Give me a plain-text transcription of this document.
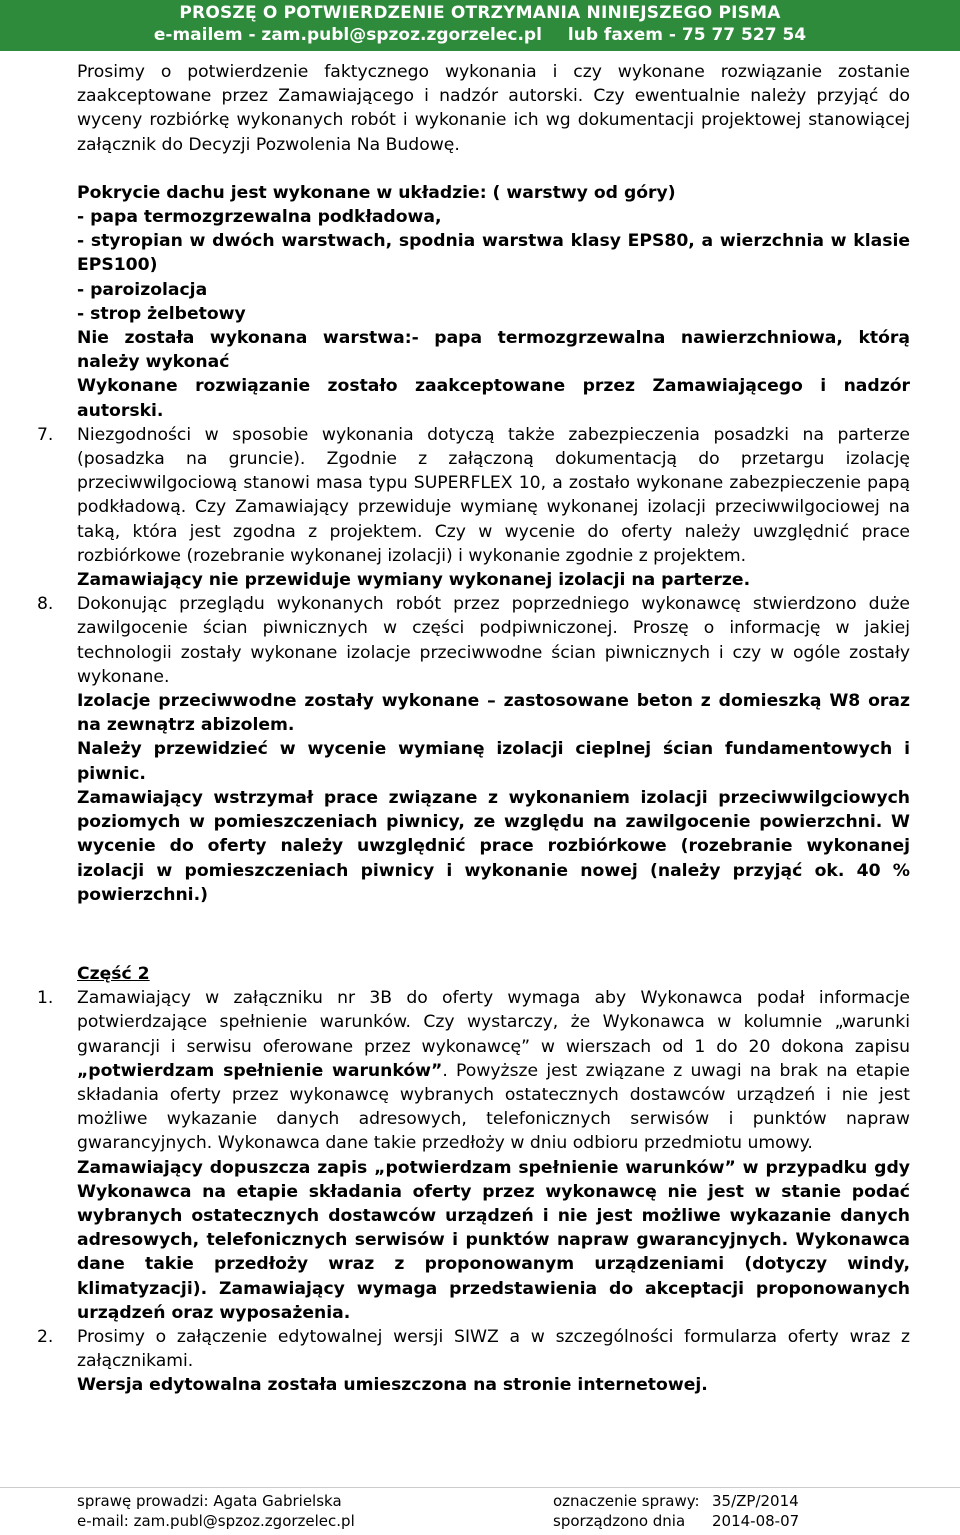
PROSZĘ O POTWIERDZENIE OTRZYMANIA NINIEJSZEGO PISMA
e-mailem - zam.publ@spzoz.zgorzelec.pl lub faxem - 75 77 527 54

Prosimy o potwierdzenie faktycznego wykonania i czy wykonane rozwiązanie zostanie zaakceptowane przez Zamawiającego i nadzór autorski. Czy ewentualnie należy przyjąć do wyceny rozbiórkę wykonanych robót i wykonanie ich wg dokumentacji projektowej stanowiącej załącznik do Decyzji Pozwolenia Na Budowę.

Pokrycie dachu jest wykonane w układzie: ( warstwy od góry)

- papa termozgrzewalna podkładowa,

- styropian w dwóch warstwach, spodnia warstwa klasy EPS80, a wierzchnia w klasie EPS100)

- paroizolacja

- strop żelbetowy

Nie została wykonana warstwa:- papa termozgrzewalna nawierzchniowa, którą należy wykonać

Wykonane rozwiązanie zostało zaakceptowane przez Zamawiającego i nadzór autorski.

7. Niezgodności w sposobie wykonania dotyczą także zabezpieczenia posadzki na parterze (posadzka na gruncie). Zgodnie z załączoną dokumentacją do przetargu izolację przeciwwilgociową stanowi masa typu SUPERFLEX 10, a zostało wykonane zabezpieczenie papą podkładową. Czy Zamawiający przewiduje wymianę wykonanej izolacji przeciwwilgociowej na taką, która jest zgodna z projektem. Czy w wycenie do oferty należy uwzględnić prace rozbiórkowe (rozebranie wykonanej izolacji) i wykonanie zgodnie z projektem.

Zamawiający nie przewiduje wymiany wykonanej izolacji na parterze.

8. Dokonując przeglądu wykonanych robót przez poprzedniego wykonawcę stwierdzono duże zawilgocenie ścian piwnicznych w części podpiwniczonej. Proszę o informację w jakiej technologii zostały wykonane izolacje przeciwwodne ścian piwnicznych i czy w ogóle zostały wykonane.

Izolacje przeciwwodne zostały wykonane – zastosowane beton z domieszką W8 oraz na zewnątrz abizolem.

Należy przewidzieć w wycenie wymianę izolacji cieplnej ścian fundamentowych i piwnic.

Zamawiający wstrzymał prace związane z wykonaniem izolacji przeciwwilgciowych poziomych w pomieszczeniach piwnicy, ze względu na zawilgocenie powierzchni. W wycenie do oferty należy uwzględnić prace rozbiórkowe (rozebranie wykonanej izolacji w pomieszczeniach piwnicy i wykonanie nowej (należy przyjąć ok. 40 % powierzchni.)

Część 2

1. Zamawiający w załączniku nr 3B do oferty wymaga aby Wykonawca podał informacje potwierdzające spełnienie warunków. Czy wystarczy, że Wykonawca w kolumnie „warunki gwarancji i serwisu oferowane przez wykonawcę” w wierszach od 1 do 20 dokona zapisu „potwierdzam spełnienie warunków”. Powyższe jest związane z uwagi na brak na etapie składania oferty przez wykonawcę wybranych ostatecznych dostawców urządzeń i nie jest możliwe wykazanie danych adresowych, telefonicznych serwisów i punktów napraw gwarancyjnych. Wykonawca dane takie przedłoży w dniu odbioru przedmiotu umowy.

Zamawiający dopuszcza zapis „potwierdzam spełnienie warunków” w przypadku gdy Wykonawca na etapie składania oferty przez wykonawcę nie jest w stanie podać wybranych ostatecznych dostawców urządzeń i nie jest możliwe wykazanie danych adresowych, telefonicznych serwisów i punktów napraw gwarancyjnych. Wykonawca dane takie przedłoży wraz z proponowanym urządzeniami (dotyczy windy, klimatyzacji). Zamawiający wymaga przedstawienia do akceptacji proponowanych urządzeń oraz wyposażenia.

2. Prosimy o załączenie edytowalnej wersji SIWZ a w szczególności formularza oferty wraz z załącznikami.

Wersja edytowalna została umieszczona na stronie internetowej.

sprawę prowadzi: Agata Gabrielska
e-mail: zam.publ@spzoz.zgorzelec.pl
oznaczenie sprawy: 35/ZP/2014
sporządzono dnia 2014-08-07
